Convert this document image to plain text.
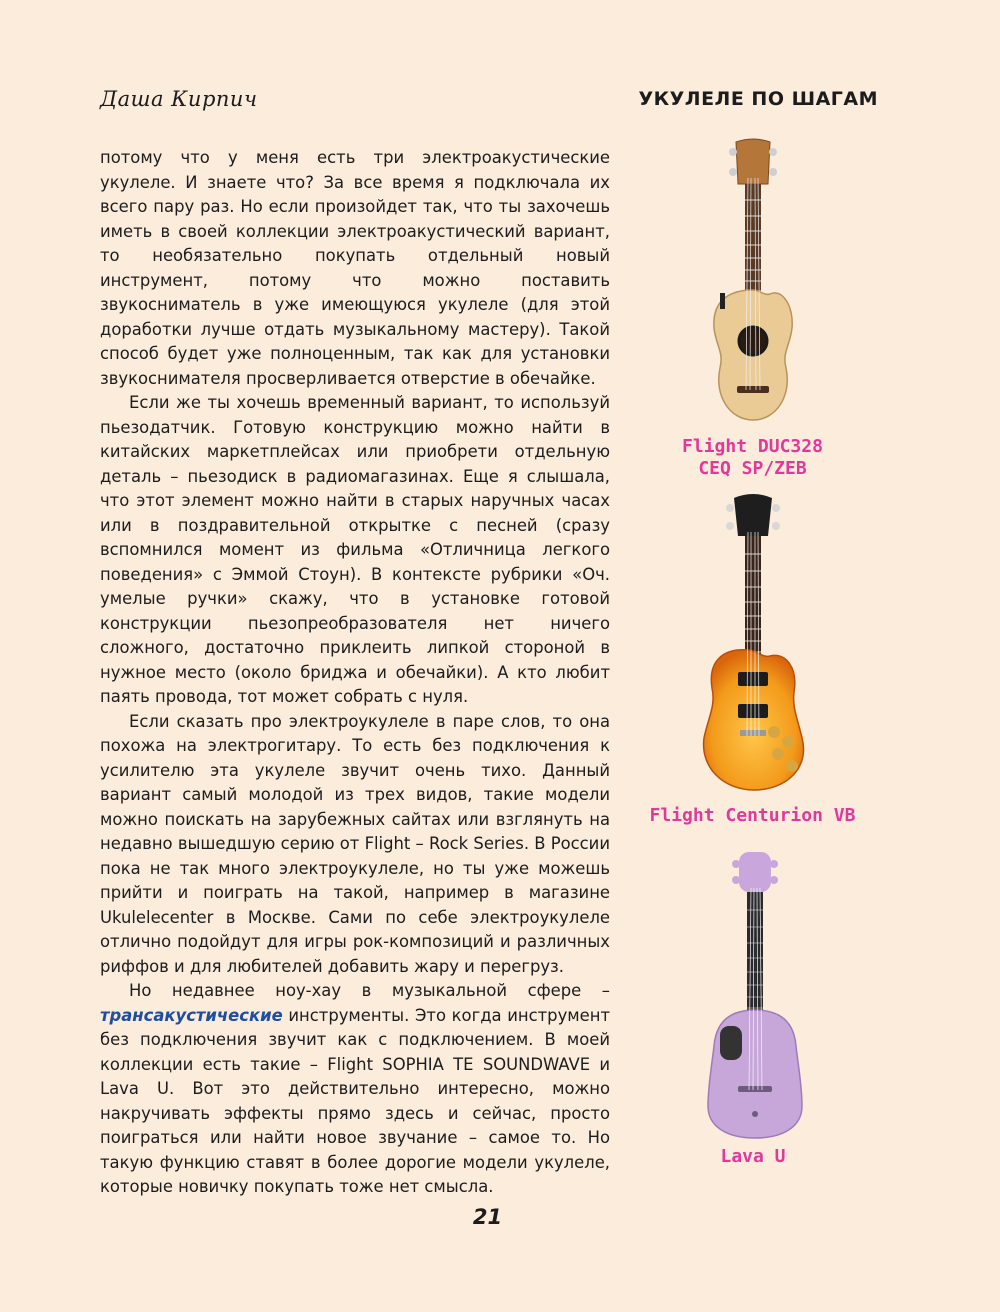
Даша Кирпич	УКУЛЕЛЕ ПО ШАГАМ

потому что у меня есть три электроакустические укулеле. И знаете что? За все время я подключала их всего пару раз. Но если произойдет так, что ты захочешь иметь в своей коллекции электроакустический вариант, то необязательно покупать отдельный новый инструмент, потому что можно поставить звукосниматель в уже имеющуюся укулеле (для этой доработки лучше отдать музыкальному мастеру). Такой способ будет уже полноценным, так как для установки звукоснимателя просверливается отверстие в обечайке.

Если же ты хочешь временный вариант, то используй пьезодатчик. Готовую конструкцию можно найти в китайских маркетплейсах или приобрети отдельную деталь – пьезодиск в радиомагазинах. Еще я слышала, что этот элемент можно найти в старых наручных часах или в поздравительной открытке с песней (сразу вспомнился момент из фильма «Отличница легкого поведения» с Эммой Стоун). В контексте рубрики «Оч. умелые ручки» скажу, что в установке готовой конструкции пьезопреобразователя нет ничего сложного, достаточно приклеить липкой стороной в нужное место (около бриджа и обечайки). А кто любит паять провода, тот может собрать с нуля.

Если сказать про электроукулеле в паре слов, то она похожа на электрогитару. То есть без подключения к усилителю эта укулеле звучит очень тихо. Данный вариант самый молодой из трех видов, такие модели можно поискать на зарубежных сайтах или взглянуть на недавно вышедшую серию от Flight – Rock Series. В России пока не так много электроукулеле, но ты уже можешь прийти и поиграть на такой, например в магазине Ukulelecenter в Москве. Сами по себе электроукулеле отлично подойдут для игры рок-композиций и различных риффов и для любителей добавить жару и перегруз.

Но недавнее ноу-хау в музыкальной сфере – трансакустические инструменты. Это когда инструмент без подключения звучит как с подключением. В моей коллекции есть такие – Flight SOPHIA TE SOUNDWAVE и Lava U. Вот это действительно интересно, можно накручивать эффекты прямо здесь и сейчас, просто поиграться или найти новое звучание – самое то. Но такую функцию ставят в более дорогие модели укулеле, которые новичку покупать тоже нет смысла.

Flight DUC328
CEQ SP/ZEB
Flight Centurion VB
Lava U
21
